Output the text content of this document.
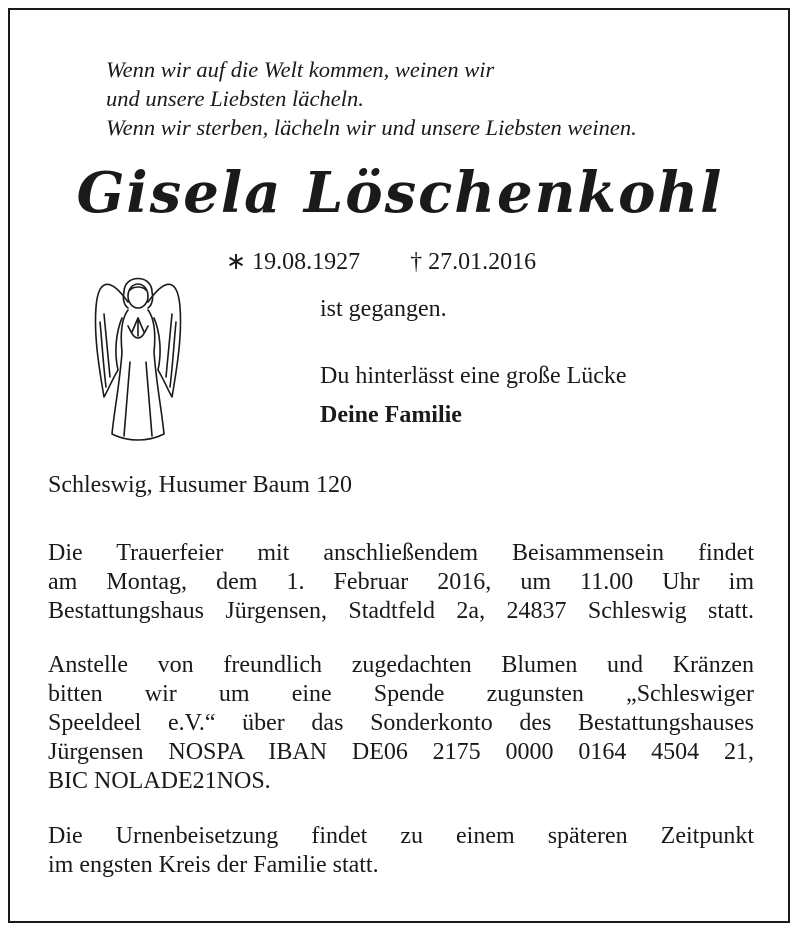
Wenn wir auf die Welt kommen, weinen wir
und unsere Liebsten lächeln.
Wenn wir sterben, lächeln wir und unsere Liebsten weinen.
Gisela Löschenkohl
∗ 19.08.1927 † 27.01.2016
ist gegangen.
Du hinterlässt eine große Lücke
Deine Familie
Schleswig, Husumer Baum 120
Die Trauerfeier mit anschließendem Beisammensein findet
am Montag, dem 1. Februar 2016, um 11.00 Uhr im
Bestattungshaus Jürgensen, Stadtfeld 2a, 24837 Schleswig statt.
Anstelle von freundlich zugedachten Blumen und Kränzen
bitten wir um eine Spende zugunsten „Schleswiger
Speeldeel e.V.“ über das Sonderkonto des Bestattungshauses
Jürgensen NOSPA IBAN DE06 2175 0000 0164 4504 21,
BIC NOLADE21NOS.
Die Urnenbeisetzung findet zu einem späteren Zeitpunkt
im engsten Kreis der Familie statt.
